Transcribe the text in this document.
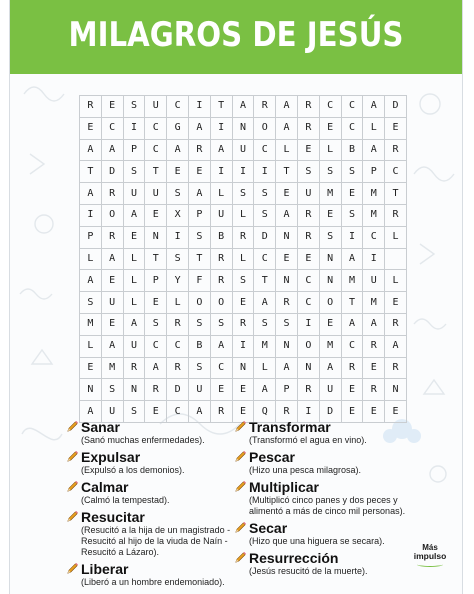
MILAGROS DE JESÚS
R	E	S	U	C	I	T	A	R	A	R	C	C	A	D
E	C	I	C	G	A	I	N	O	A	R	E	C	L	E
A	A	P	C	A	R	A	U	C	L	E	L	B	A	R
T	D	S	T	E	E	I	I	I	T	S	S	S	P	C
A	R	U	U	S	A	L	S	S	E	U	M	E	M	T
I	O	A	E	X	P	U	L	S	A	R	E	S	M	R
P	R	E	N	I	S	B	R	D	N	R	S	I	C	L
L	A	L	T	S	T	R	L	C	E	E	N	A	I	
A	E	L	P	Y	F	R	S	T	N	C	N	M	U	L
S	U	L	E	L	O	O	E	A	R	C	O	T	M	E
M	E	A	S	R	S	S	R	S	S	I	E	A	A	R
L	A	U	C	C	B	A	I	M	N	O	M	C	R	A
E	M	R	A	R	S	C	N	L	A	N	A	R	E	R
N	S	N	R	D	U	E	E	A	P	R	U	E	R	N
A	U	S	E	C	A	R	E	Q	R	I	D	E	E	E
Sanar
(Sanó muchas enfermedades).
Expulsar
(Expulsó a los demonios).
Calmar
(Calmó la tempestad).
Resucitar
(Resucitó a la hija de un magistrado -
Resucitó al hijo de la viuda de Naín -
Resucitó a Lázaro).
Liberar
(Liberó a un hombre endemoniado).
Transformar
(Transformó el agua en vino).
Pescar
(Hizo una pesca milagrosa).
Multiplicar
(Multiplicó cinco panes y dos peces y
alimentó a más de cinco mil personas).
Secar
(Hizo que una higuera se secara).
Resurrección
(Jesús resucitó de la muerte).
Más
impulso
